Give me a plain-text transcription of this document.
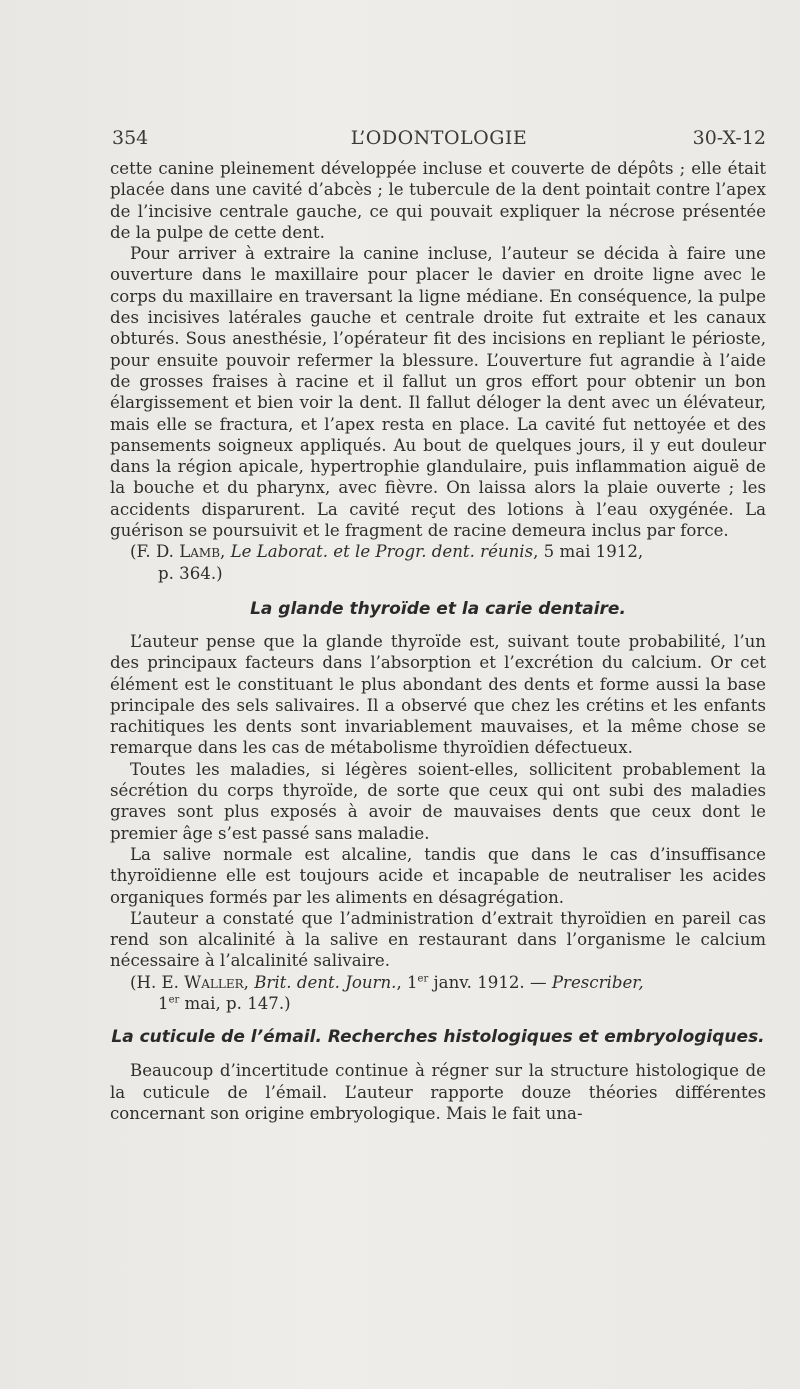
354	L’ODONTOLOGIE	30-X-12

cette canine pleinement développée incluse et couverte de dépôts ; elle était placée dans une cavité d’abcès ; le tubercule de la dent pointait contre l’apex de l’incisive centrale gauche, ce qui pouvait expliquer la nécrose présentée de la pulpe de cette dent.

Pour arriver à extraire la canine incluse, l’auteur se décida à faire une ouverture dans le maxillaire pour placer le davier en droite ligne avec le corps du maxillaire en traversant la ligne médiane. En conséquence, la pulpe des incisives latérales gauche et centrale droite fut extraite et les canaux obturés. Sous anesthésie, l’opérateur fit des incisions en repliant le périoste, pour ensuite pouvoir refermer la blessure. L’ouverture fut agrandie à l’aide de grosses fraises à racine et il fallut un gros effort pour obtenir un bon élargissement et bien voir la dent. Il fallut déloger la dent avec un élévateur, mais elle se fractura, et l’apex resta en place. La cavité fut nettoyée et des pansements soigneux appliqués. Au bout de quelques jours, il y eut douleur dans la région apicale, hypertrophie glandulaire, puis inflammation aiguë de la bouche et du pharynx, avec fièvre. On laissa alors la plaie ouverte ; les accidents disparurent. La cavité reçut des lotions à l’eau oxygénée. La guérison se poursuivit et le fragment de racine demeura inclus par force.

(F. D. Lamb, Le Laborat. et le Progr. dent. réunis, 5 mai 1912,
p. 364.)
La glande thyroïde et la carie dentaire.

L’auteur pense que la glande thyroïde est, suivant toute probabilité, l’un des principaux facteurs dans l’absorption et l’excrétion du calcium. Or cet élément est le constituant le plus abondant des dents et forme aussi la base principale des sels salivaires. Il a observé que chez les crétins et les enfants rachitiques les dents sont invariablement mauvaises, et la même chose se remarque dans les cas de métabolisme thyroïdien défectueux.

Toutes les maladies, si légères soient-elles, sollicitent probablement la sécrétion du corps thyroïde, de sorte que ceux qui ont subi des maladies graves sont plus exposés à avoir de mauvaises dents que ceux dont le premier âge s’est passé sans maladie.

La salive normale est alcaline, tandis que dans le cas d’insuffisance thyroïdienne elle est toujours acide et incapable de neutraliser les acides organiques formés par les aliments en désagrégation.

L’auteur a constaté que l’administration d’extrait thyroïdien en pareil cas rend son alcalinité à la salive en restaurant dans l’organisme le calcium nécessaire à l’alcalinité salivaire.

(H. E. Waller, Brit. dent. Journ., 1er janv. 1912. — Prescriber,
1er mai, p. 147.)
La cuticule de l’émail. Recherches histologiques et embryologiques.

Beaucoup d’incertitude continue à régner sur la structure histologique de la cuticule de l’émail. L’auteur rapporte douze théories différentes concernant son origine embryologique. Mais le fait una-
